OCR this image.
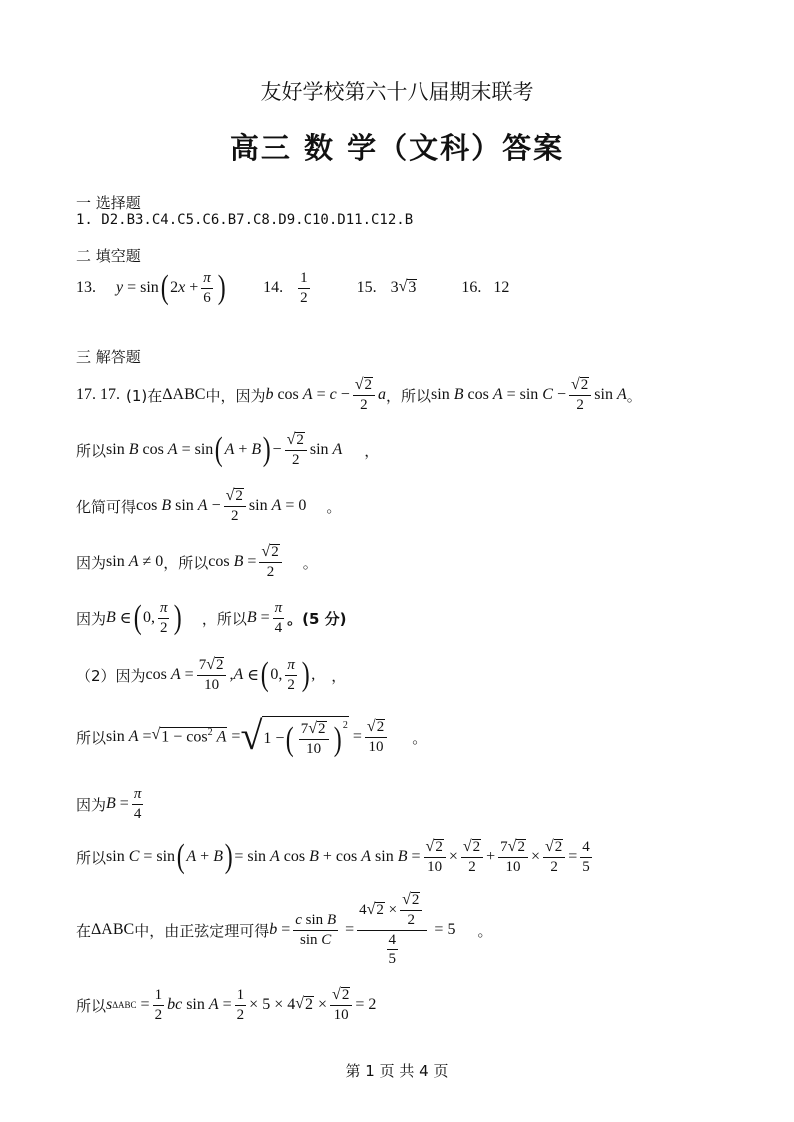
友好学校第六十八届期末联考
高三 数 学（文科）答案
一 选择题
1. D2.B3.C4.C5.C6.B7.C8.D9.C10.D11.C12.B
二 填空题
13. y = sin ( 2 $x + \frac{\pi}{6}$ ) 14. $\frac{1}{2}$	15. 3 √ 3	16. 12
三 解答题
17. 17. (1)在 ΔABC 中，因为 b $\cos A = c - \frac{√ 2}{2}$ a ，所以 sin B $\cos A = \sin C - \frac{√ 2}{2}$ sin A 。
所以 sin B cos A = sin ( A + B ) − $\frac{√ 2}{2}$ sin A ，
化简可得 cos B $\sin A - \frac{√ 2}{2}$ sin A = 0 。
因为 sin A ≠ 0 ，所以 $\cos B = \frac{√ 2}{2}$ 。
因为 B ∈ ( 0, $\frac{\pi}{2}$ ) ，所以 $B = \frac{\pi}{4}$ 。(5 分)
（2）因为 $\cos A = \frac{7 √ 2}{10}$ , A ∈ ( 0, $\frac{\pi}{2}$ ) , ，
所以 sin A = √ $1 - \cos^2 A$ = √ 1 − ( $\frac{7 √ 2}{10} )^2$
= $\frac{√ 2}{10}$ 。
因为 $B = \frac{\pi}{4}$
所以 sin C = sin ( A + B ) = sin A cos B + cos A $\sin B = \frac{√ 2}{10} \times \frac{√ 2}{2} + \frac{7 √ 2}{10} \times \frac{√ 2}{2} = \frac{4}{5}$
在 ΔABC 中，由正弦定理可得 $b = \frac{\text{c sin B}}{\text{sin C}} = \frac{4 √ 2 \times \frac{√ 2}{2}}{\frac{4}{5}} = 5$ 。
所以 s $\Delta ABC = \frac{1}{2}$ bc $\sin A = \frac{1}{2} \times 5 \times 4$ √ $2 \times \frac{√ 2}{10} = 2$
第 1 页 共 4 页
